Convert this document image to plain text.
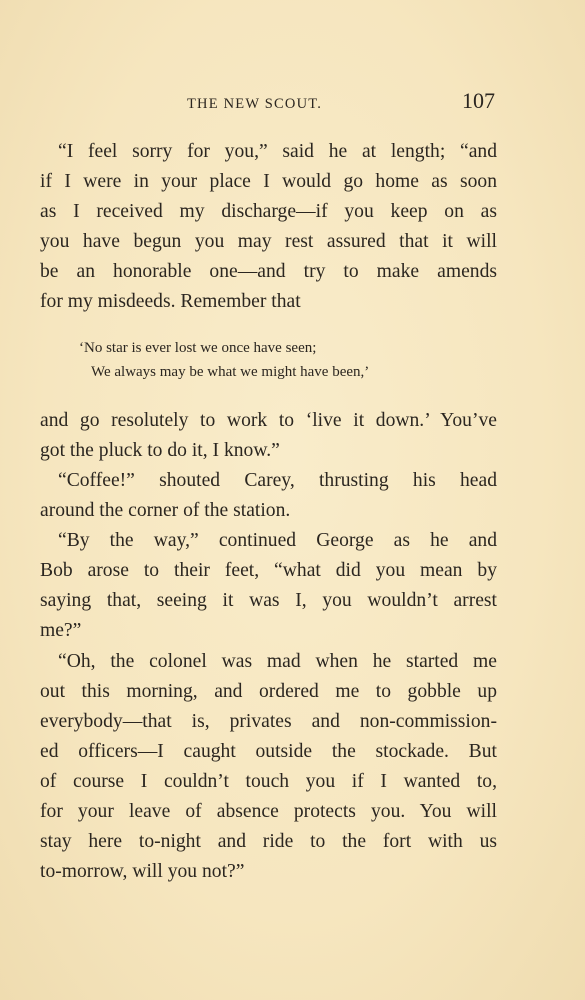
THE NEW SCOUT.	107
“I feel sorry for you,” said he at length; “and
if I were in your place I would go home as soon
as I received my discharge—if you keep on as
you have begun you may rest assured that it will
be an honorable one—and try to make amends
for my misdeeds. Remember that
‘No star is ever lost we once have seen;
We always may be what we might have been,’
and go resolutely to work to ‘live it down.’ You’ve
got the pluck to do it, I know.”
“Coffee!” shouted Carey, thrusting his head
around the corner of the station.
“By the way,” continued George as he and
Bob arose to their feet, “what did you mean by
saying that, seeing it was I, you wouldn’t arrest
me?”
“Oh, the colonel was mad when he started me
out this morning, and ordered me to gobble up
everybody—that is, privates and non-commission-
ed officers—I caught outside the stockade. But
of course I couldn’t touch you if I wanted to,
for your leave of absence protects you. You will
stay here to-night and ride to the fort with us
to-morrow, will you not?”
